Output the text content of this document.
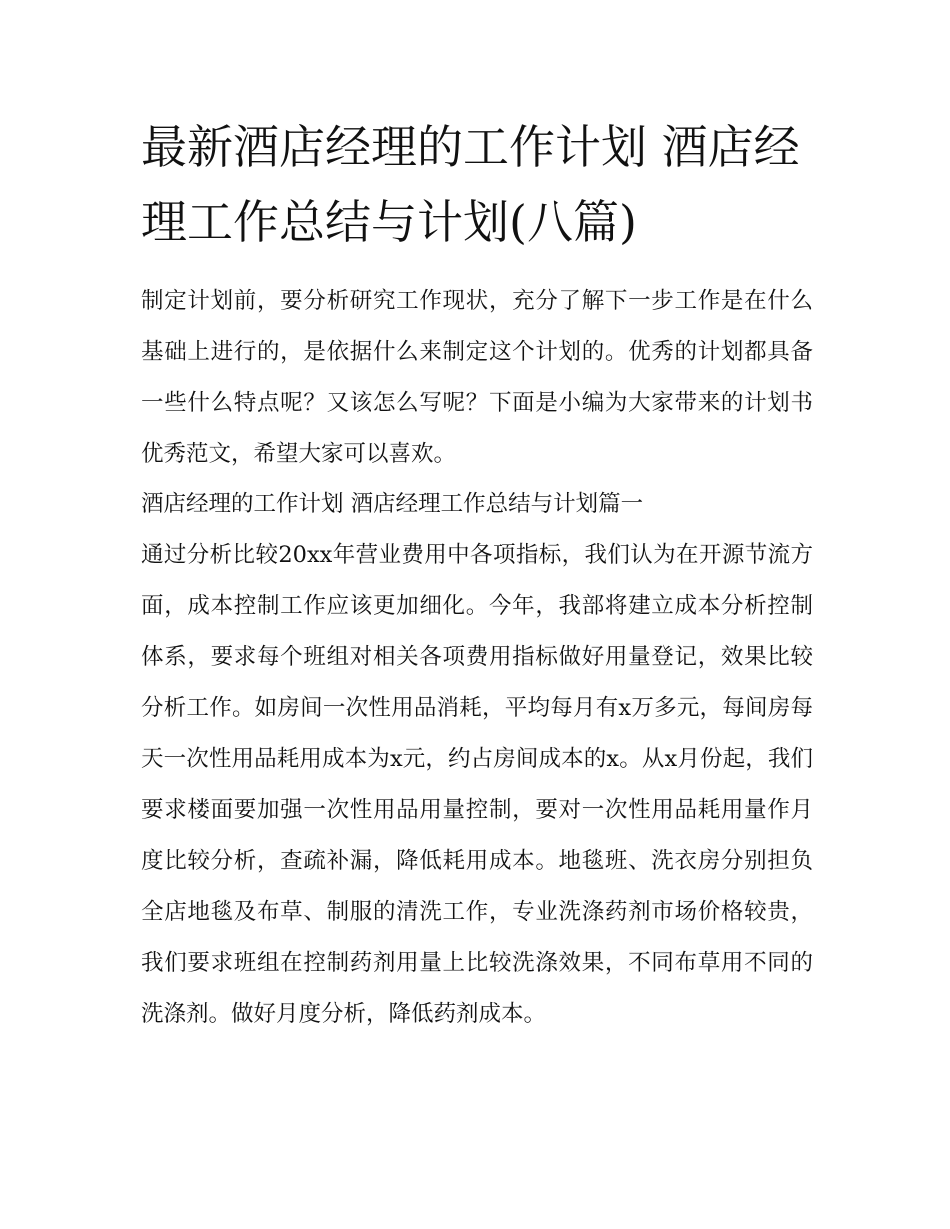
最新酒店经理的工作计划 酒店经理工作总结与计划(八篇)

制定计划前，要分析研究工作现状，充分了解下一步工作是在什么基础上进行的，是依据什么来制定这个计划的。优秀的计划都具备一些什么特点呢？又该怎么写呢？下面是小编为大家带来的计划书优秀范文，希望大家可以喜欢。

酒店经理的工作计划 酒店经理工作总结与计划篇一

通过分析比较20xx年营业费用中各项指标，我们认为在开源节流方面，成本控制工作应该更加细化。今年，我部将建立成本分析控制体系，要求每个班组对相关各项费用指标做好用量登记，效果比较分析工作。如房间一次性用品消耗，平均每月有x万多元，每间房每天一次性用品耗用成本为x元，约占房间成本的x。从x月份起，我们要求楼面要加强一次性用品用量控制，要对一次性用品耗用量作月度比较分析，查疏补漏，降低耗用成本。地毯班、洗衣房分别担负全店地毯及布草、制服的清洗工作，专业洗涤药剂市场价格较贵，我们要求班组在控制药剂用量上比较洗涤效果，不同布草用不同的洗涤剂。做好月度分析，降低药剂成本。
